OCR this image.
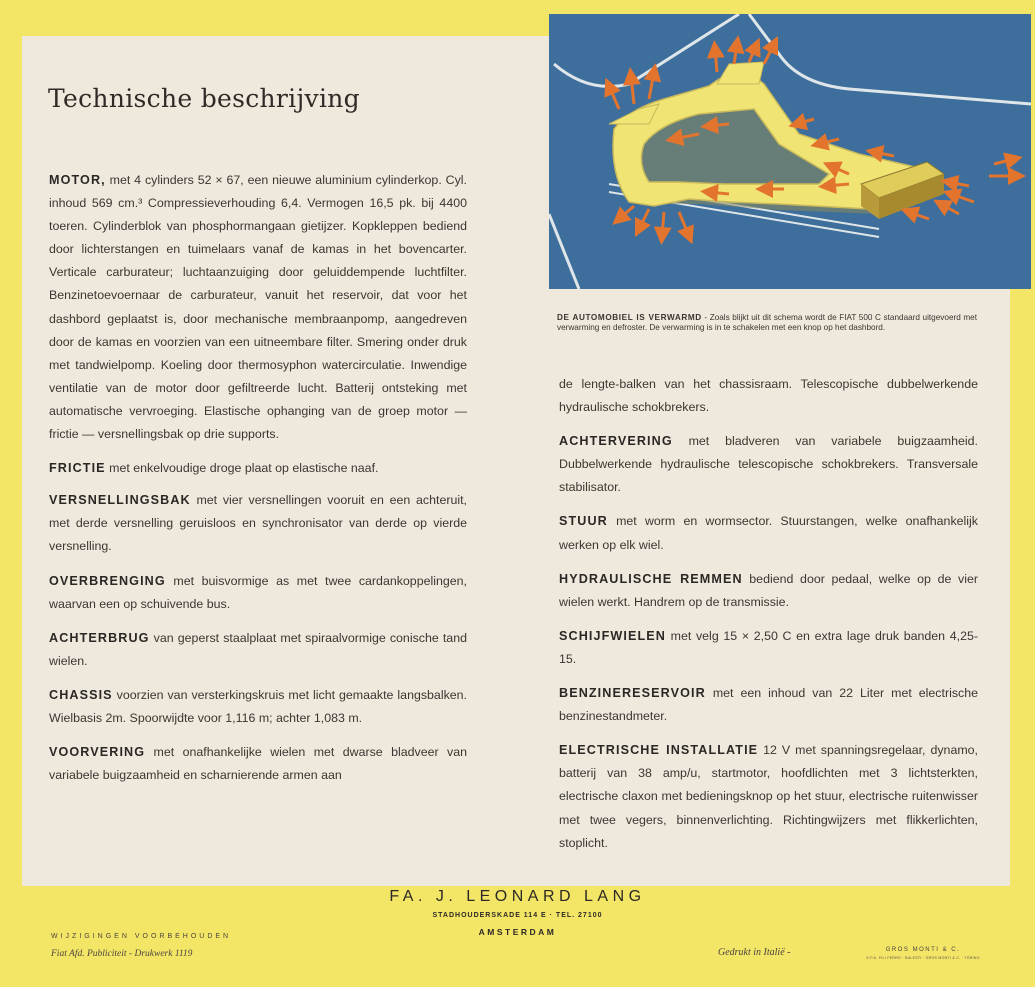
Technische beschrijving
DE AUTOMOBIEL IS VERWARMD - Zoals blijkt uit dit schema wordt de FIAT 500 C standaard uitgevoerd met verwarming en defroster. De verwarming is in te schakelen met een knop op het dashbord.

MOTOR, met 4 cylinders 52 × 67, een nieuwe aluminium cylinderkop. Cyl. inhoud 569 cm.³ Compressieverhouding 6,4. Vermogen 16,5 pk. bij 4400 toeren. Cylinderblok van phosphormangaan gietijzer. Kopkleppen bediend door lichterstangen en tuimelaars vanaf de kamas in het bovencarter. Verticale carburateur; luchtaanzuiging door geluiddempende luchtfilter. Benzinetoevoernaar de carburateur, vanuit het reservoir, dat voor het dashbord geplaatst is, door mechanische membraanpomp, aangedreven door de kamas en voorzien van een uitneembare filter. Smering onder druk met tandwielpomp. Koeling door thermosyphon watercirculatie. Inwendige ventilatie van de motor door gefiltreerde lucht. Batterij ontsteking met automatische vervroeging. Elastische ophanging van de groep motor — frictie — versnellingsbak op drie supports.

FRICTIE met enkelvoudige droge plaat op elastische naaf.

VERSNELLINGSBAK met vier versnellingen vooruit en een achteruit, met derde versnelling geruisloos en synchronisator van derde op vierde versnelling.

OVERBRENGING met buisvormige as met twee cardankoppelingen, waarvan een op schuivende bus.

ACHTERBRUG van geperst staalplaat met spiraalvormige conische tand wielen.

CHASSIS voorzien van versterkingskruis met licht gemaakte langsbalken. Wielbasis 2m. Spoorwijdte voor 1,116 m; achter 1,083 m.

VOORVERING met onafhankelijke wielen met dwarse bladveer van variabele buigzaamheid en scharnierende armen aan

de lengte-balken van het chassisraam. Telescopische dubbelwerkende hydraulische schokbrekers.

ACHTERVERING met bladveren van variabele buigzaamheid. Dubbelwerkende hydraulische telescopische schokbrekers. Transversale stabilisator.

STUUR met worm en wormsector. Stuurstangen, welke onafhankelijk werken op elk wiel.

HYDRAULISCHE REMMEN bediend door pedaal, welke op de vier wielen werkt. Handrem op de transmissie.

SCHIJFWIELEN met velg 15 × 2,50 C en extra lage druk banden 4,25-15.

BENZINERESERVOIR met een inhoud van 22 Liter met electrische benzinestandmeter.

ELECTRISCHE INSTALLATIE 12 V met spanningsregelaar, dynamo, batterij van 38 amp/u, startmotor, hoofdlichten met 3 lichtsterkten, electrische claxon met bedieningsknop op het stuur, electrische ruitenwisser met twee vegers, binnenverlichting. Richtingwijzers met flikkerlichten, stoplicht.

FA. J. LEONARD LANG
STADHOUDERSKADE 114 E · TEL. 27100
AMSTERDAM
WIJZIGINGEN VOORBEHOUDEN
Fiat Afd. Publiciteit - Drukwerk 1119	Gedrukt in Italië -	GROS MONTI & C.
S.P.A. FILI FERRO · BALESTI · GROS MONTI & C. · TORINO
